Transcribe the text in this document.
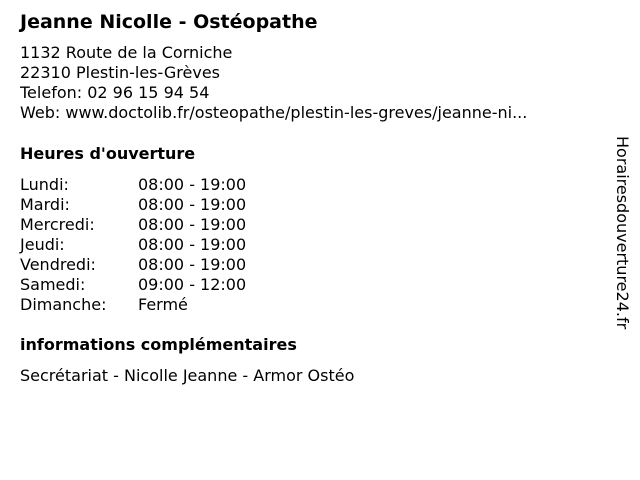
Jeanne Nicolle - Ostéopathe
1132 Route de la Corniche
22310 Plestin-les-Grèves
Telefon: 02 96 15 94 54
Web: www.doctolib.fr/osteopathe/plestin-les-greves/jeanne-ni...
Heures d'ouverture
Lundi:	08:00 - 19:00
Mardi:	08:00 - 19:00
Mercredi:	08:00 - 19:00
Jeudi:	08:00 - 19:00
Vendredi:	08:00 - 19:00
Samedi:	09:00 - 12:00
Dimanche:	Fermé
informations complémentaires
Secrétariat - Nicolle Jeanne - Armor Ostéo
Horairesdouverture24.fr
